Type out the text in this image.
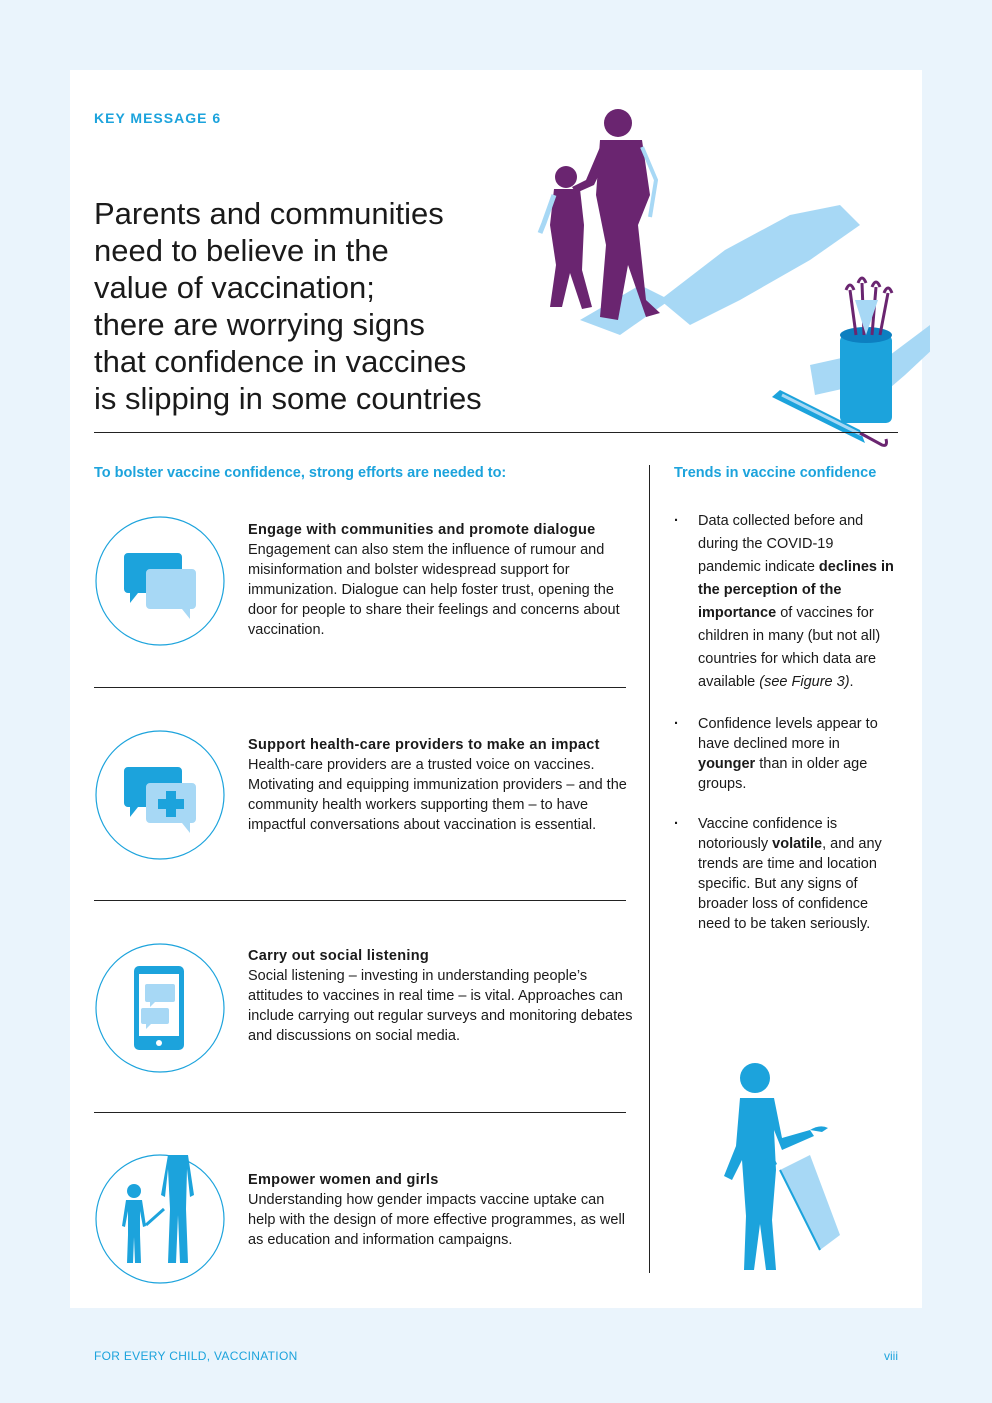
KEY MESSAGE 6
Parents and communities
need to believe in the
value of vaccination;
there are worrying signs
that confidence in vaccines
is slipping in some countries
To bolster vaccine confidence, strong efforts are needed to:	Trends in vaccine confidence
Engage with communities and promote dialogue
Engagement can also stem the influence of rumour and misinformation and bolster widespread support for immunization. Dialogue can help foster trust, opening the door for people to share their feelings and concerns about vaccination.
Support health-care providers to make an impact
Health-care providers are a trusted voice on vaccines. Motivating and equipping immunization providers – and the community health workers supporting them – to have impactful conversations about vaccination is essential.
Carry out social listening
Social listening – investing in understanding people’s attitudes to vaccines in real time – is vital. Approaches can include carrying out regular surveys and monitoring debates and discussions on social media.
Empower women and girls
Understanding how gender impacts vaccine uptake can help with the design of more effective programmes, as well as education and information campaigns.
· Data collected before and during the COVID-19 pandemic indicate declines in the perception of the importance of vaccines for children in many (but not all) countries for which data are available (see Figure 3).
· Confidence levels appear to have declined more in younger than in older age groups.
· Vaccine confidence is notoriously volatile, and any trends are time and location specific. But any signs of broader loss of confidence need to be taken seriously.
FOR EVERY CHILD, VACCINATION	viii
